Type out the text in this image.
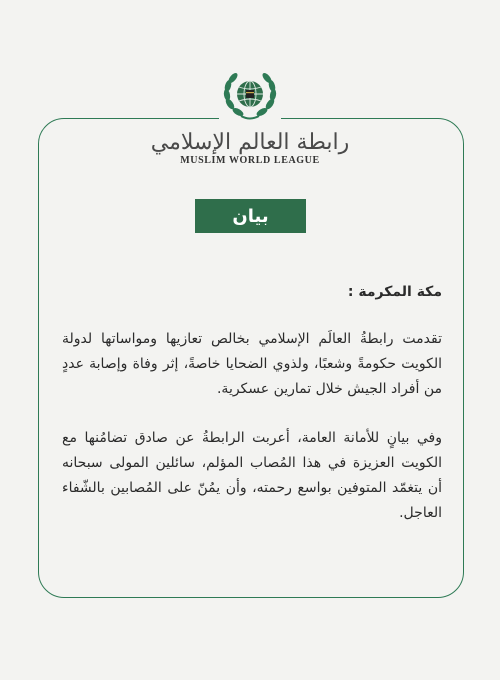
رابطة العالم الإسلامي
MUSLIM WORLD LEAGUE
بيان
مكة المكرمة :

تقدمت رابطةُ العالَم الإسلامي بخالص تعازيها ومواساتها لدولة الكويت حكومةً وشعبًا، ولذوي الضحايا خاصةً، إثر وفاة وإصابة عددٍ من أفراد الجيش خلال تمارين عسكرية.

وفي بيانٍ للأمانة العامة، أعربت الرابطةُ عن صادق تضامُنها مع الكويت العزيزة في هذا المُصاب المؤلم، سائلين المولى سبحانه أن يتغمّد المتوفين بواسع رحمته، وأن يمُنّ على المُصابين بالشّفاء العاجل.
